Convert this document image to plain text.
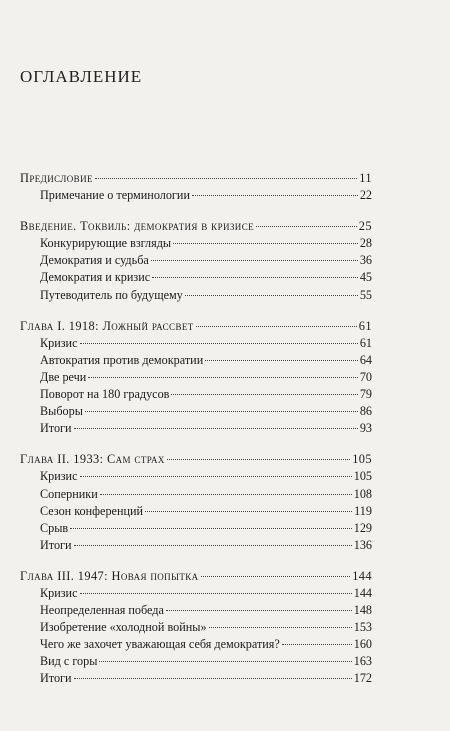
ОГЛАВЛЕНИЕ
Предисловие	11
Примечание о терминологии	22
Введение. Токвиль: демократия в кризисе	25
Конкурирующие взгляды	28
Демократия и судьба	36
Демократия и кризис	45
Путеводитель по будущему	55
Глава I. 1918: Ложный рассвет	61
Кризис	61
Автократия против демократии	64
Две речи	70
Поворот на 180 градусов	79
Выборы	86
Итоги	93
Глава II. 1933: Сам страх	105
Кризис	105
Соперники	108
Сезон конференций	119
Срыв	129
Итоги	136
Глава III. 1947: Новая попытка	144
Кризис	144
Неопределенная победа	148
Изобретение «холодной войны»	153
Чего же захочет уважающая себя демократия?	160
Вид с горы	163
Итоги	172
